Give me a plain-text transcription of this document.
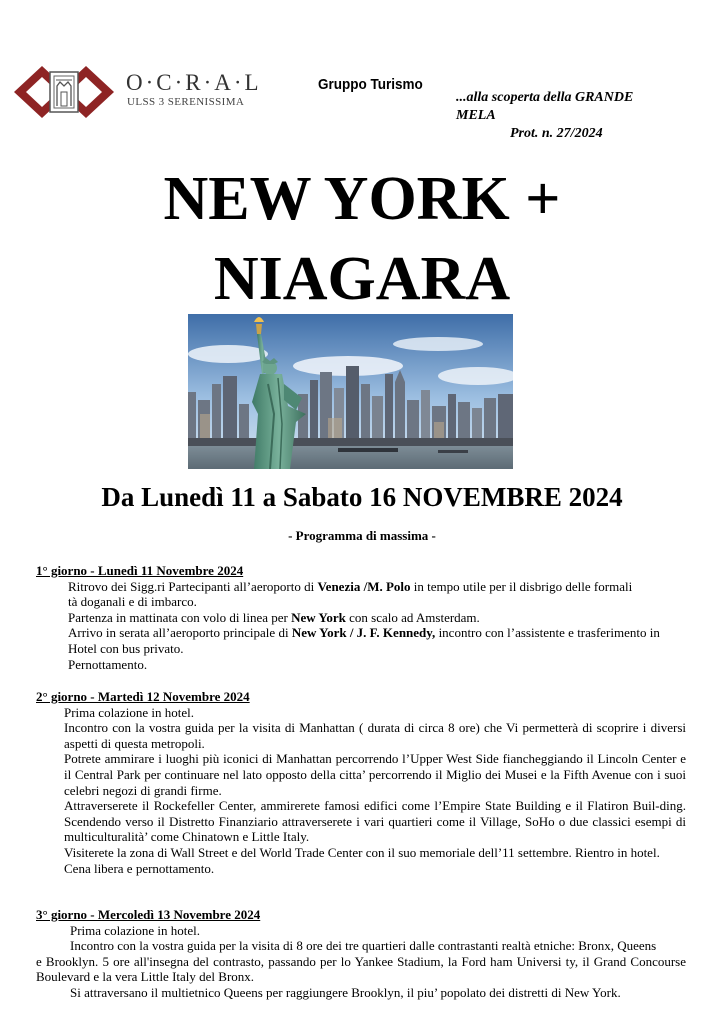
O·C·R·A·L
ULSS 3 SERENISSIMA
Gruppo Turismo
...alla scoperta della GRANDE
MELA
Prot. n. 27/2024
NEW YORK +
NIAGARA
Da Lunedì 11 a Sabato 16 NOVEMBRE 2024
- Programma di massima -
1° giorno - Lunedì 11 Novembre 2024

Ritrovo dei Sigg.ri Partecipanti all’aeroporto di Venezia /M. Polo in tempo utile per il disbrigo delle formali

tà doganali e di imbarco.

Partenza in mattinata con volo di linea per New York con scalo ad Amsterdam.

Arrivo in serata all’aeroporto principale di New York / J. F. Kennedy, incontro con l’assistente e trasferimento in

Hotel con bus privato.

Pernottamento.

2° giorno - Martedì 12 Novembre 2024

Prima colazione in hotel.

Incontro con la vostra guida per la visita di Manhattan ( durata di circa 8 ore) che Vi permetterà di scoprire i diversi aspetti di questa metropoli.

Potrete ammirare i luoghi più iconici di Manhattan percorrendo l’Upper West Side fiancheggiando il Lincoln Center e il Central Park per continuare nel lato opposto della citta’ percorrendo il Miglio dei Musei e la Fifth Avenue con i suoi celebri negozi di grandi firme.

Attraverserete il Rockefeller Center, ammirerete famosi edifici come l’Empire State Building e il Flatiron Buil-ding. Scendendo verso il Distretto Finanziario attraverserete i vari quartieri come il Village, SoHo o due classici esempi di multiculturalità’ come Chinatown e Little Italy.

Visiterete la zona di Wall Street e del World Trade Center con il suo memoriale dell’11 settembre. Rientro in hotel.

Cena libera e pernottamento.

3° giorno - Mercoledì 13 Novembre 2024

Prima colazione in hotel.

Incontro con la vostra guida per la visita di 8 ore dei tre quartieri dalle contrastanti realtà etniche: Bronx, Queens

e Brooklyn. 5 ore all'insegna del contrasto, passando per lo Yankee Stadium, la Ford ham Universi ty, il Grand Concourse Boulevard e la vera Little Italy del Bronx.

Si attraversano il multietnico Queens per raggiungere Brooklyn, il piu’ popolato dei distretti di New York.
